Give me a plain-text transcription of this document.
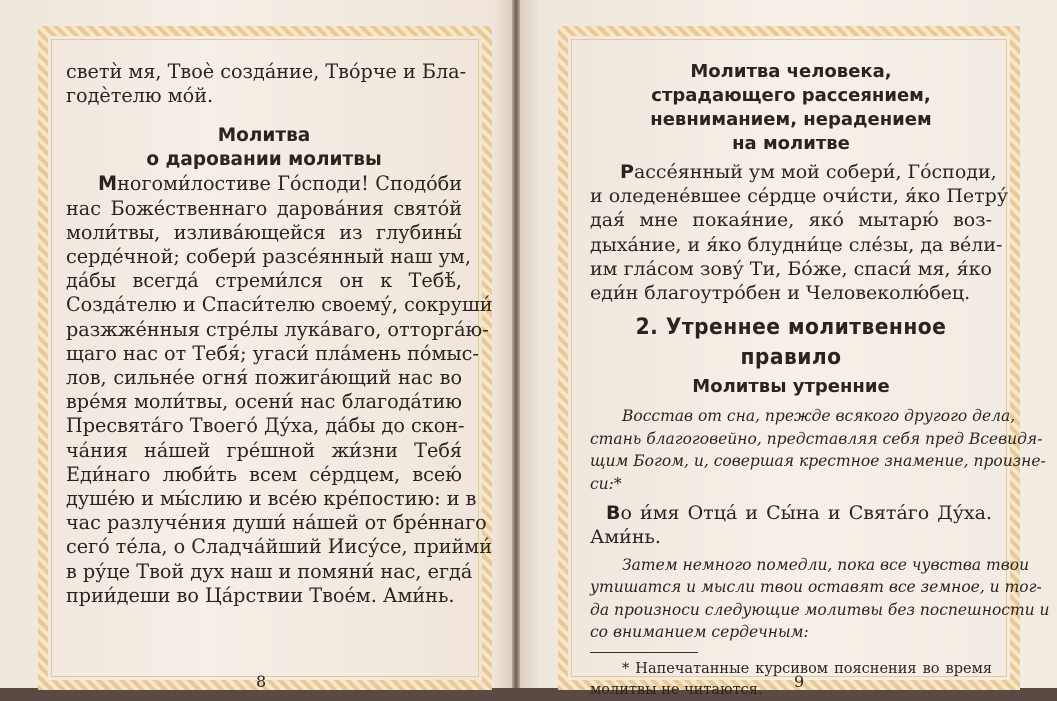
светѝ мя, Твоѐ созда́ние, Тво́рче и Бла-
годѐтелю мо́й.
Молитва
о даровании молитвы
Многоми́лостиве Го́споди! Сподо́би
нас Боже́ственнаго дарова́ния свято́й
моли́твы, излива́ющейся из глубины́
серде́чной; собери́ разсе́янный наш ум,
да́бы всегда́ стреми́лся он к Тебѣ́,
Созда́телю и Спаси́телю своему́, сокруши́
разжже́нныя стре́лы лука́ваго, отторга́ю-
щаго нас от Тебя́; угаси́ пла́мень по́мыс-
лов, сильне́е огня́ пожига́ющий нас во
вре́мя моли́твы, осени́ нас благода́тию
Пресвята́го Твоего́ Ду́ха, да́бы до скон-
ча́ния на́шей гре́шной жи́зни Тебя́
Еди́наго люби́ть всем се́рдцем, всею́
душе́ю и мы́слию и все́ю кре́постию: и в
час разлуче́ния души́ на́шей от бре́ннаго
сего́ те́ла, о Сладча́йший Иису́се, прийми́
в ру́це Твой дух наш и помяни́ нас, егда́
прии́деши во Ца́рствии Твое́м. Ами́нь.
8
Молитва человека,
страдающего рассеянием,
невниманием, нерадением
на молитве
Рассе́янный ум мой собери́, Го́споди,
и оледене́вшее се́рдце очи́сти, я́ко Петру́
дая́ мне покая́ние, яко́ мытарю́ воз-
дыха́ние, и я́ко блудни́це сле́зы, да ве́ли-
им гла́сом зову́ Ти, Бо́же, спаси́ мя, я́ко
еди́н благоутро́бен и Человеколю́бец.
2. Утреннее молитвенное правило
Молитвы утренние
Восстав от сна, прежде всякого другого дела,
стань благоговейно, представляя себя пред Всевидя-
щим Богом, и, совершая крестное знамение, произне-
си:*
Во и́мя Отца́ и Сы́на и Свята́го Ду́ха.
Ами́нь.
Затем немного помедли, пока все чувства твои
утишатся и мысли твои оставят все земное, и тог-
да произноси следующие молитвы без поспешности и
со вниманием сердечным:
* Напечатанные курсивом пояснения во время
молитвы не читаются.	9
